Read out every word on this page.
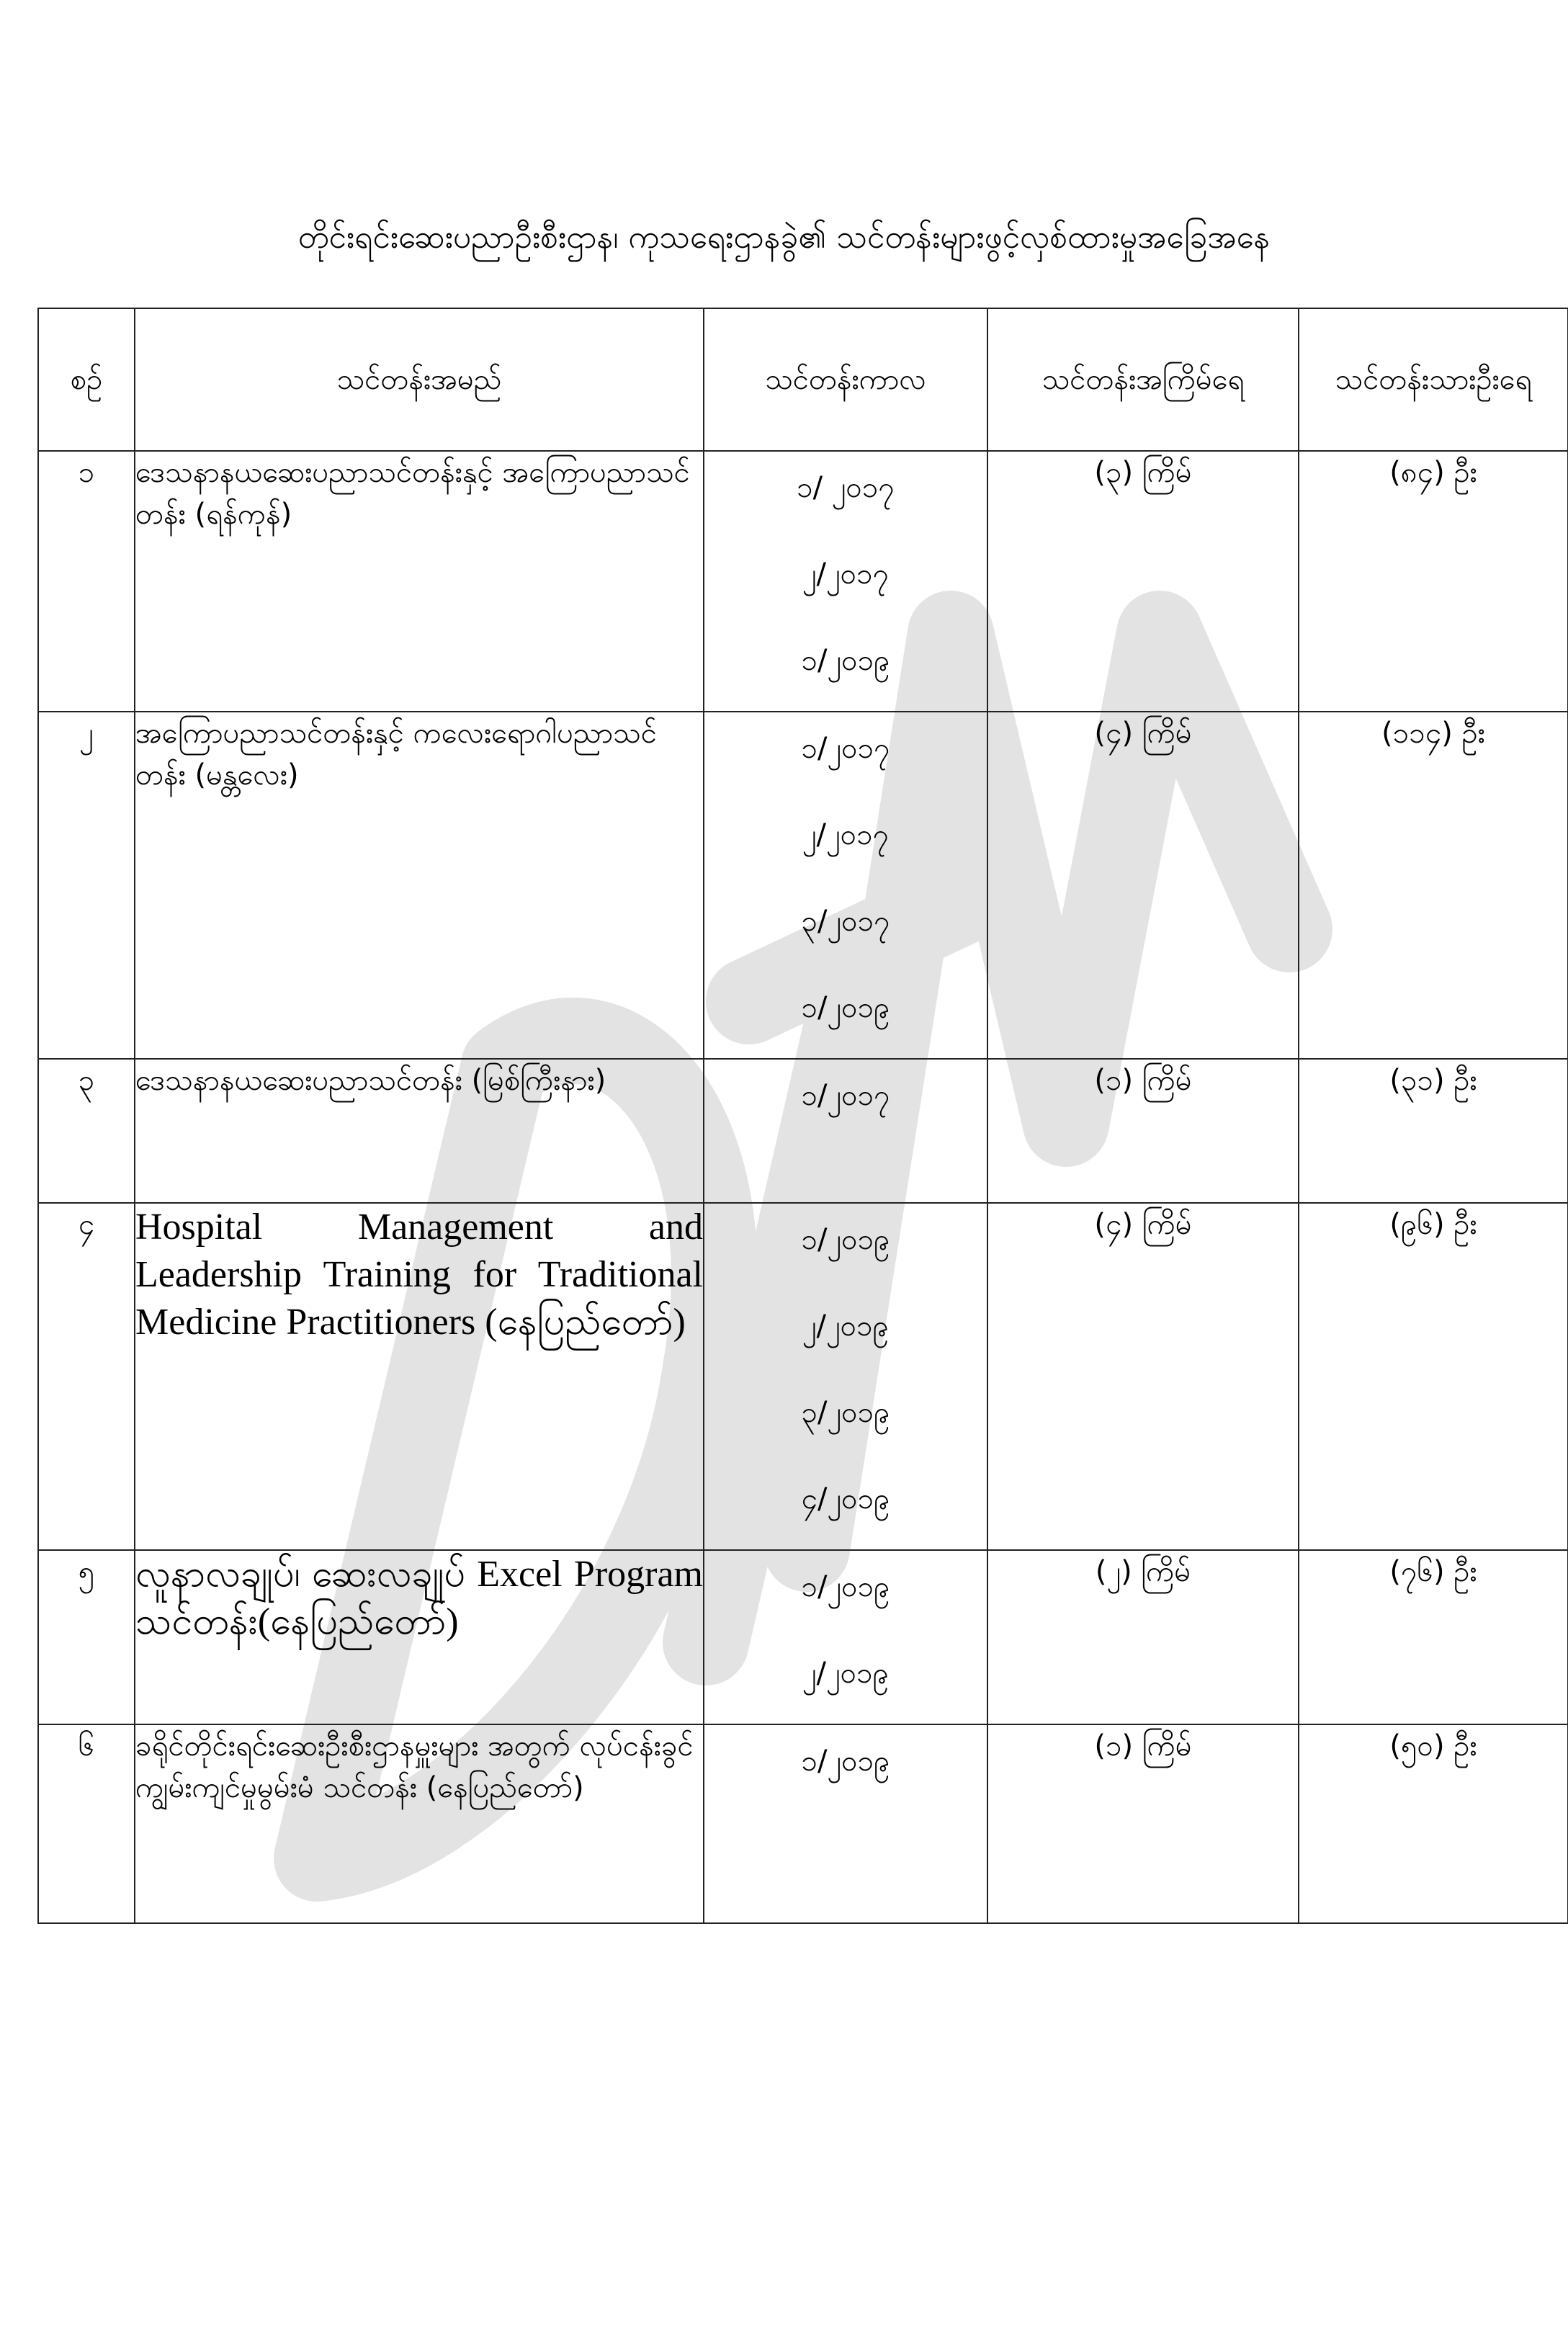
တိုင်းရင်းဆေးပညာဦးစီးဌာန၊ ကုသရေးဌာနခွဲ၏ သင်တန်းများဖွင့်လှစ်ထားမှုအခြေအနေ
စဉ်	သင်တန်းအမည်	သင်တန်းကာလ	သင်တန်းအကြိမ်ရေ	သင်တန်းသားဦးရေ
၁	ဒေသနာနယဆေးပညာသင်တန်းနှင့် အကြောပညာသင်တန်း (ရန်ကုန်)	၁/ ၂၀၁၇
၂/၂၀၁၇
၁/၂၀၁၉	(၃) ကြိမ်	(၈၄) ဦး
၂	အကြောပညာသင်တန်းနှင့် ကလေးရောဂါပညာသင်တန်း (မန္တလေး)	၁/၂၀၁၇
၂/၂၀၁၇
၃/၂၀၁၇
၁/၂၀၁၉	(၄) ကြိမ်	(၁၁၄) ဦး
၃	ဒေသနာနယဆေးပညာသင်တန်း (မြစ်ကြီးနား)	၁/၂၀၁၇	(၁) ကြိမ်	(၃၁) ဦး
၄	Hospital Management and Leadership Training for Traditional Medicine Practitioners (နေပြည်တော်)	၁/၂၀၁၉
၂/၂၀၁၉
၃/၂၀၁၉
၄/၂၀၁၉	(၄) ကြိမ်	(၉၆) ဦး
၅	လူနာလချုပ်၊ ဆေးလချုပ် Excel Program သင်တန်း(နေပြည်တော်)	၁/၂၀၁၉
၂/၂၀၁၉	(၂) ကြိမ်	(၇၆) ဦး
၆	ခရိုင်တိုင်းရင်းဆေးဦးစီးဌာနမှူးများ အတွက် လုပ်ငန်းခွင်ကျွမ်းကျင်မှုမွမ်းမံ သင်တန်း (နေပြည်တော်)	၁/၂၀၁၉	(၁) ကြိမ်	(၅၀) ဦး
